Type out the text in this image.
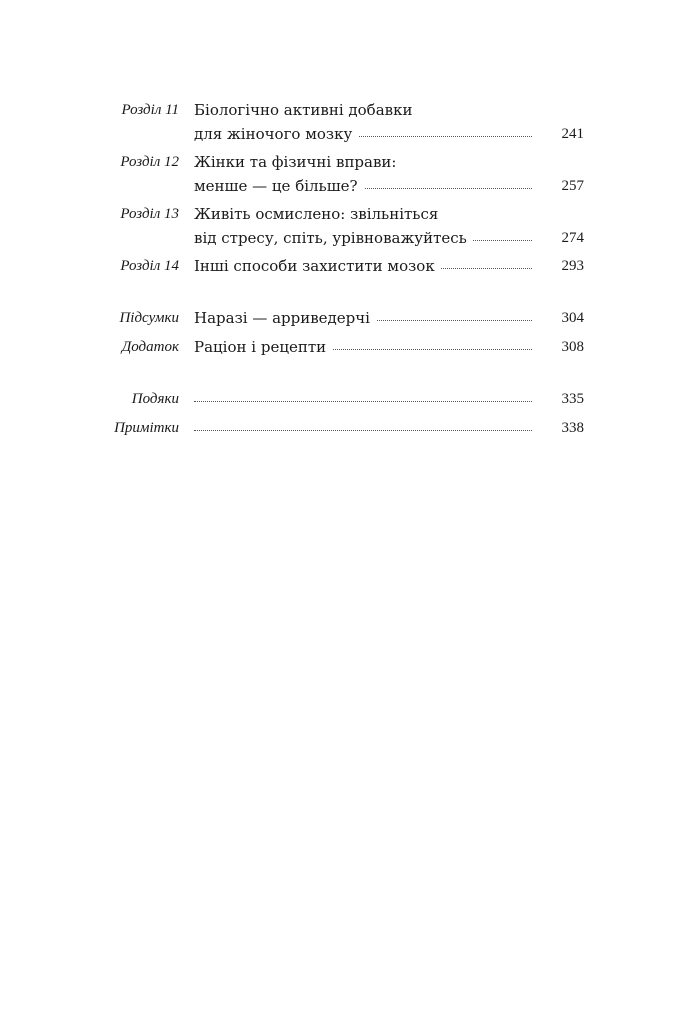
Розділ 11 Біологічно активні добавки
для жіночого мозку	241
Розділ 12 Жінки та фізичні вправи:
менше — це більше?	257
Розділ 13 Живіть осмислено: звільніться
від стресу, спіть, урівноважуйтесь	274
Розділ 14 Інші способи захистити мозок	293
Підсумки Наразі — арриведерчі	304
Додаток Раціон і рецепти	308
Подяки	335
Примітки	338
